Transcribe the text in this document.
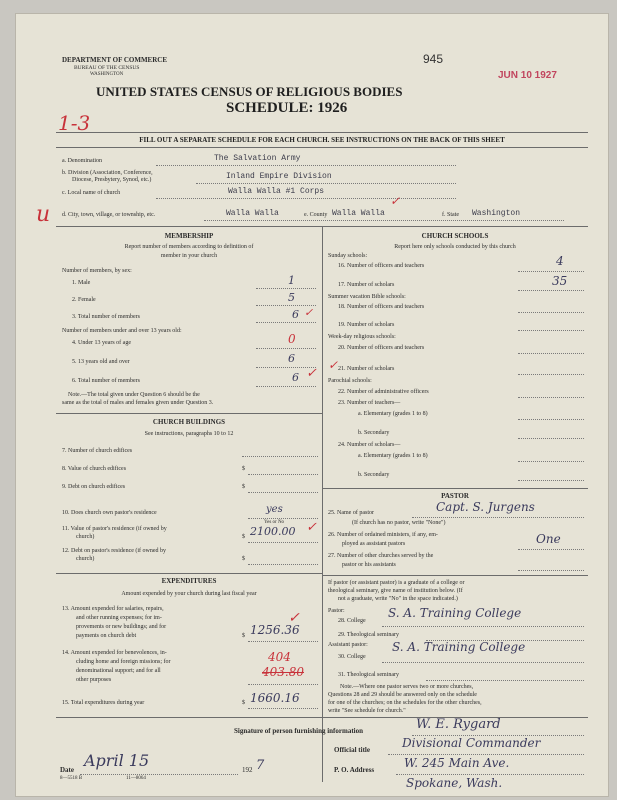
DEPARTMENT OF COMMERCE
BUREAU OF THE CENSUS
WASHINGTON
945
JUN 10 1927
UNITED STATES CENSUS OF RELIGIOUS BODIES
SCHEDULE: 1926
1-3
FILL OUT A SEPARATE SCHEDULE FOR EACH CHURCH. SEE INSTRUCTIONS ON THE BACK OF THIS SHEET
a. Denomination	The Salvation Army
b. Division (Association, Conference,
Diocese, Presbytery, Synod, etc.)	Inland Empire Division
c. Local name of church	Walla Walla #1 Corps
u d. City, town, village, or township, etc.	Walla Walla	e. County Walla Walla
✓
f. State Washington
MEMBERSHIP
Report number of members according to definition of
member in your church
Number of members, by sex:
1. Male	1
2. Female	5
3. Total number of members	6 ✓
Number of members under and over 13 years old:
4. Under 13 years of age	0
5. 13 years old and over	6
6. Total number of members	6 ✓
Note.—The total given under Question 6 should be the
same as the total of males and females given under Question 3.
CHURCH BUILDINGS
See instructions, paragraphs 10 to 12
7. Number of church edifices
8. Value of church edifices	$
9. Debt on church edifices	$
10. Does church own pastor's residence	yes
Yes or No
11. Value of pastor's residence (if owned by
church)	$ 2100.00 ✓
12. Debt on pastor's residence (if owned by
church)	$
EXPENDITURES
Amount expended by your church during last fiscal year
13. Amount expended for salaries, repairs,
and other running expenses; for im-
provements or new buildings; and for
payments on church debt	$ 1256.36
✓
14. Amount expended for benevolences, in-
cluding home and foreign missions; for
denominational support; and for all
other purposes
404
403.80
15. Total expenditures during year	$ 1660.16
CHURCH SCHOOLS
Report here only schools conducted by this church
Sunday schools:
16. Number of officers and teachers	4
17. Number of scholars	35
Summer vacation Bible schools:
18. Number of officers and teachers
19. Number of scholars
Week-day religious schools:
20. Number of officers and teachers
21. Number of scholars
✓
Parochial schools:
22. Number of administrative officers
23. Number of teachers—
a. Elementary (grades 1 to 8)
b. Secondary
24. Number of scholars—
a. Elementary (grades 1 to 8)
b. Secondary
PASTOR
25. Name of pastor	Capt. S. Jurgens
(If church has no pastor, write "None")
26. Number of ordained ministers, if any, em-
ployed as assistant pastors	One
27. Number of other churches served by the
pastor or his assistants
If pastor (or assistant pastor) is a graduate of a college or
theological seminary, give name of institution below. (If
not a graduate, write "No" in the space indicated.)
Pastor:
28. College
S. A. Training College
29. Theological seminary
Assistant pastor:
30. College
S. A. Training College
31. Theological seminary
Note.—Where one pastor serves two or more churches,
Questions 28 and 29 should be answered only on the schedule
for one of the churches; on the schedules for the other churches,
write "See schedule for church."
Signature of person furnishing information	W. E. Rygard
Official title	Divisional Commander
Date April 15	192 7
8—5518 B	11—8064
P. O. Address W. 245 Main Ave.
Spokane, Wash.
